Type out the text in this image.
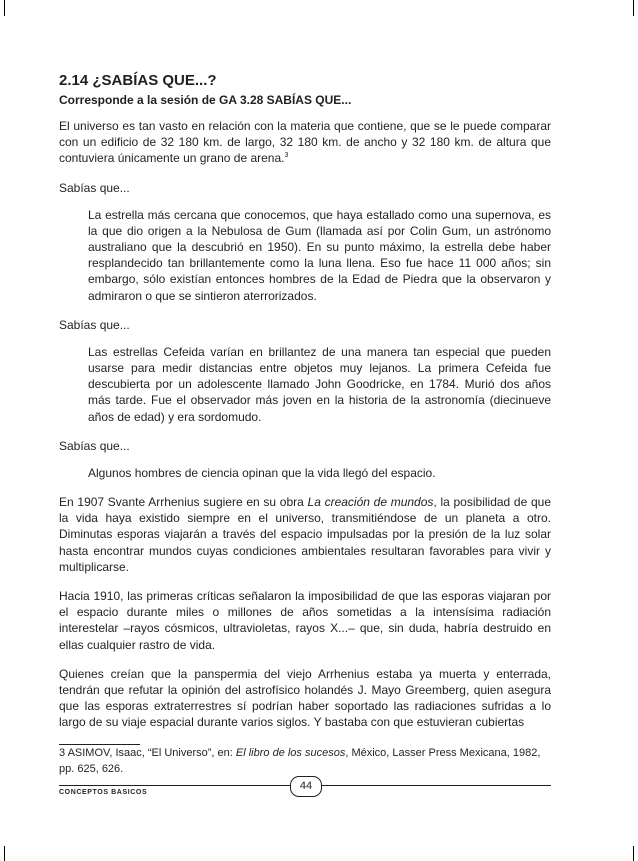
2.14 ¿SABÍAS QUE...?

Corresponde a la sesión de GA 3.28 SABÍAS QUE...

El universo es tan vasto en relación con la materia que contiene, que se le puede comparar con un edificio de 32 180 km. de largo, 32 180 km. de ancho y 32 180 km. de altura que contuviera únicamente un grano de arena.$^3$

Sabías que...

La estrella más cercana que conocemos, que haya estallado como una supernova, es la que dio origen a la Nebulosa de Gum (llamada así por Colin Gum, un astrónomo australiano que la descubrió en 1950). En su punto máximo, la estrella debe haber resplandecido tan brillantemente como la luna llena. Eso fue hace 11 000 años; sin embargo, sólo existían entonces hombres de la Edad de Piedra que la observaron y admiraron o que se sintieron aterrorizados.

Sabías que...

Las estrellas Cefeida varían en brillantez de una manera tan especial que pueden usarse para medir distancias entre objetos muy lejanos. La primera Cefeida fue descubierta por un adolescente llamado John Goodricke, en 1784. Murió dos años más tarde. Fue el observador más joven en la historia de la astronomía (diecinueve años de edad) y era sordomudo.

Sabías que...

Algunos hombres de ciencia opinan que la vida llegó del espacio.

En 1907 Svante Arrhenius sugiere en su obra La creación de mundos, la posibilidad de que la vida haya existido siempre en el universo, transmitiéndose de un planeta a otro. Diminutas esporas viajarán a través del espacio impulsadas por la presión de la luz solar hasta encontrar mundos cuyas condiciones ambientales resultaran favorables para vivir y multiplicarse.

Hacia 1910, las primeras críticas señalaron la imposibilidad de que las esporas viajaran por el espacio durante miles o millones de años sometidas a la intensísima radiación interestelar –rayos cósmicos, ultravioletas, rayos X...– que, sin duda, habría destruido en ellas cualquier rastro de vida.

Quienes creían que la panspermia del viejo Arrhenius estaba ya muerta y enterrada, tendrán que refutar la opinión del astrofísico holandés J. Mayo Greemberg, quien asegura que las esporas extraterrestres sí podrían haber soportado las radiaciones sufridas a lo largo de su viaje espacial durante varios siglos. Y bastaba con que estuvieran cubiertas

3 ASIMOV, Isaac, “El Universo”, en: El libro de los sucesos, México, Lasser Press Mexicana, 1982, pp. 625, 626.

44
CONCEPTOS BASICOS
